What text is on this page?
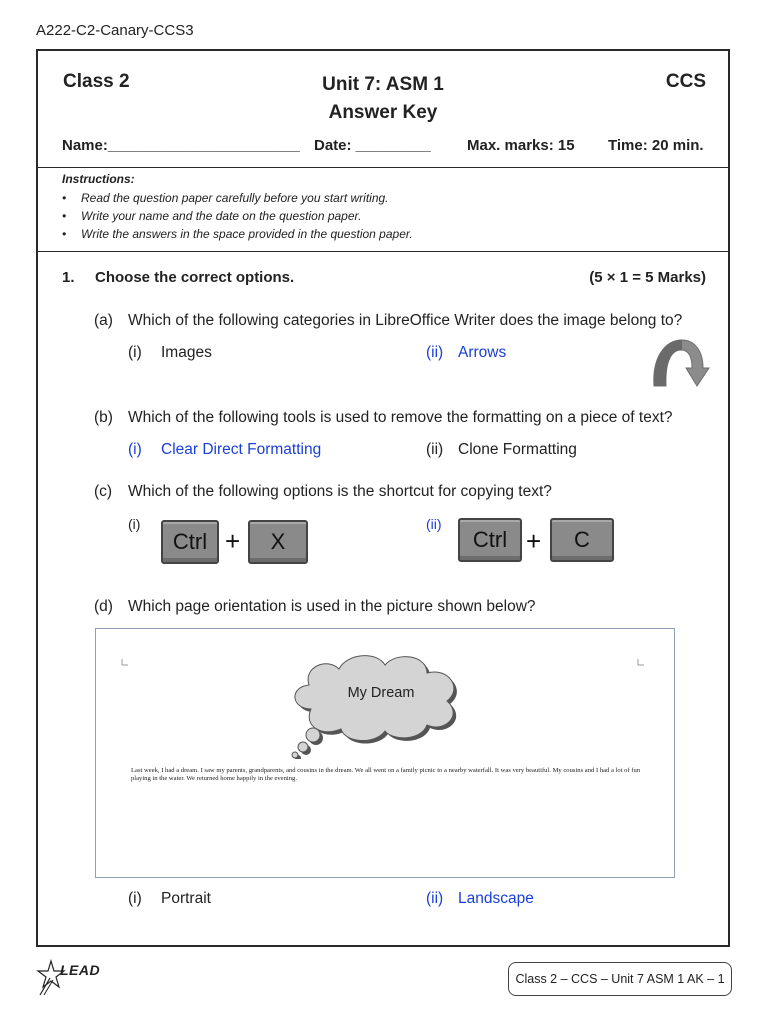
A222-C2-Canary-CCS3
Class 2	Unit 7: ASM 1
Answer Key
CCS
Name:_______________________ Date: _________ Max. marks: 15 Time: 20 min.
Instructions:
• Read the question paper carefully before you start writing.
• Write your name and the date on the question paper.
• Write the answers in the space provided in the question paper.
1. Choose the correct options.	(5 × 1 = 5 Marks)
(a) Which of the following categories in LibreOffice Writer does the image belong to?
(i) Images	(ii) Arrows
(b) Which of the following tools is used to remove the formatting on a piece of text?
(i) Clear Direct Formatting	(ii) Clone Formatting
(c) Which of the following options is the shortcut for copying text?
(i)
Ctrl +	X
(ii)
Ctrl +	C
(d) Which page orientation is used in the picture shown below?
My Dream
Last week, I had a dream. I saw my parents, grandparents, and cousins in the dream. We all went on a family picnic to a nearby waterfall. It was very beautiful. My cousins and I had a lot of fun playing in the water. We returned home happily in the evening.
(i) Portrait	(ii) Landscape
LEAD
Class 2 – CCS – Unit 7 ASM 1 AK – 1
